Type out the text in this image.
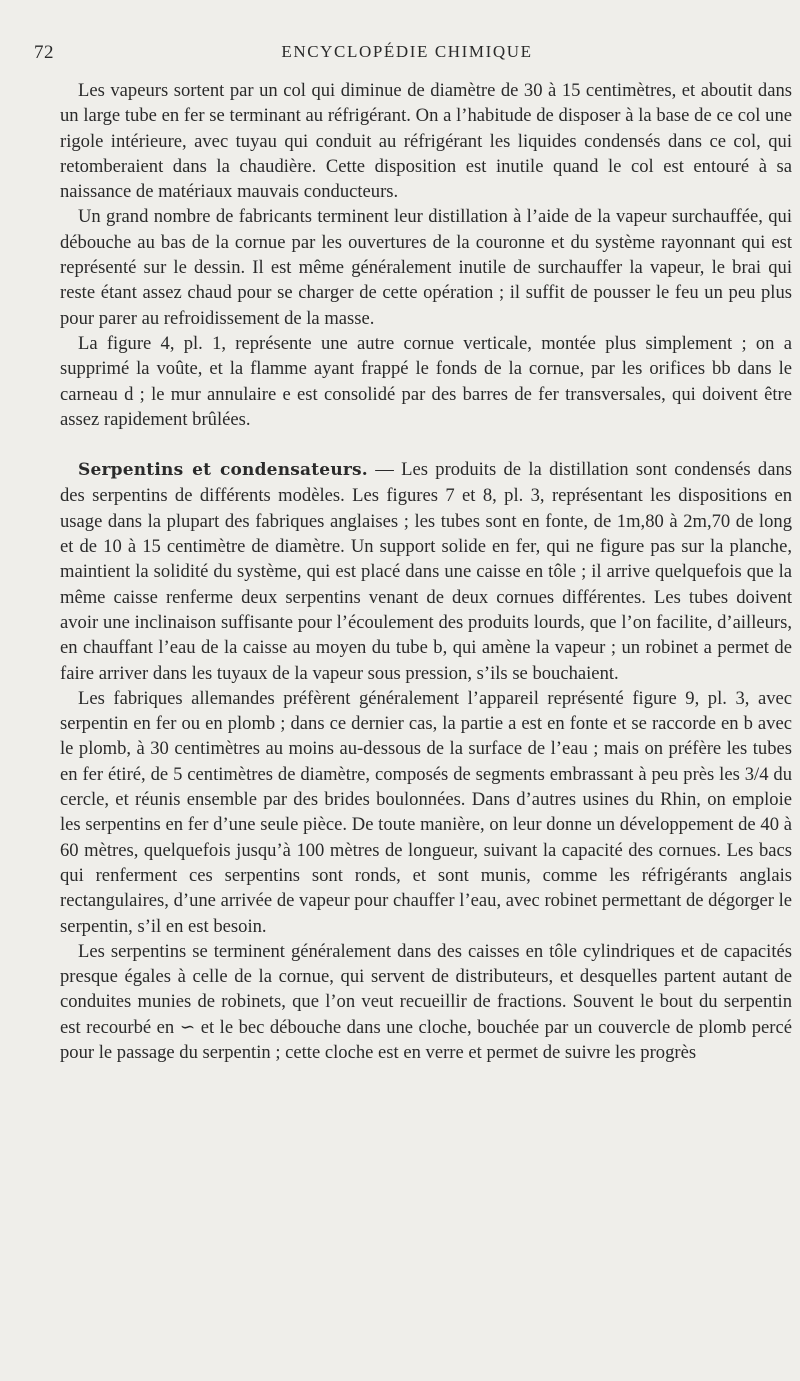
72	ENCYCLOPÉDIE CHIMIQUE

Les vapeurs sortent par un col qui diminue de diamètre de 30 à 15 centimètres, et aboutit dans un large tube en fer se terminant au réfrigérant. On a l’habitude de disposer à la base de ce col une rigole intérieure, avec tuyau qui conduit au réfrigérant les liquides condensés dans ce col, qui retomberaient dans la chaudière. Cette disposition est inutile quand le col est entouré à sa naissance de matériaux mauvais conducteurs.

Un grand nombre de fabricants terminent leur distillation à l’aide de la vapeur surchauffée, qui débouche au bas de la cornue par les ouvertures de la couronne et du système rayonnant qui est représenté sur le dessin. Il est même généralement inutile de surchauffer la vapeur, le brai qui reste étant assez chaud pour se charger de cette opération ; il suffit de pousser le feu un peu plus pour parer au refroidissement de la masse.

La figure 4, pl. 1, représente une autre cornue verticale, montée plus simplement ; on a supprimé la voûte, et la flamme ayant frappé le fonds de la cornue, par les orifices bb dans le carneau d ; le mur annulaire e est consolidé par des barres de fer transversales, qui doivent être assez rapidement brûlées.

Serpentins et condensateurs. — Les produits de la distillation sont condensés dans des serpentins de différents modèles. Les figures 7 et 8, pl. 3, représentant les dispositions en usage dans la plupart des fabriques anglaises ; les tubes sont en fonte, de 1m,80 à 2m,70 de long et de 10 à 15 centimètre de diamètre. Un support solide en fer, qui ne figure pas sur la planche, maintient la solidité du système, qui est placé dans une caisse en tôle ; il arrive quelquefois que la même caisse renferme deux serpentins venant de deux cornues différentes. Les tubes doivent avoir une inclinaison suffisante pour l’écoulement des produits lourds, que l’on facilite, d’ailleurs, en chauffant l’eau de la caisse au moyen du tube b, qui amène la vapeur ; un robinet a permet de faire arriver dans les tuyaux de la vapeur sous pression, s’ils se bouchaient.

Les fabriques allemandes préfèrent généralement l’appareil représenté figure 9, pl. 3, avec serpentin en fer ou en plomb ; dans ce dernier cas, la partie a est en fonte et se raccorde en b avec le plomb, à 30 centimètres au moins au-dessous de la surface de l’eau ; mais on préfère les tubes en fer étiré, de 5 centimètres de diamètre, composés de segments embrassant à peu près les 3/4 du cercle, et réunis ensemble par des brides boulonnées. Dans d’autres usines du Rhin, on emploie les serpentins en fer d’une seule pièce. De toute manière, on leur donne un développement de 40 à 60 mètres, quelquefois jusqu’à 100 mètres de longueur, suivant la capacité des cornues. Les bacs qui renferment ces serpentins sont ronds, et sont munis, comme les réfrigérants anglais rectangulaires, d’une arrivée de vapeur pour chauffer l’eau, avec robinet permettant de dégorger le serpentin, s’il en est besoin.

Les serpentins se terminent généralement dans des caisses en tôle cylindriques et de capacités presque égales à celle de la cornue, qui servent de distributeurs, et desquelles partent autant de conduites munies de robinets, que l’on veut recueillir de fractions. Souvent le bout du serpentin est recourbé en ∽ et le bec débouche dans une cloche, bouchée par un couvercle de plomb percé pour le passage du serpentin ; cette cloche est en verre et permet de suivre les progrès
